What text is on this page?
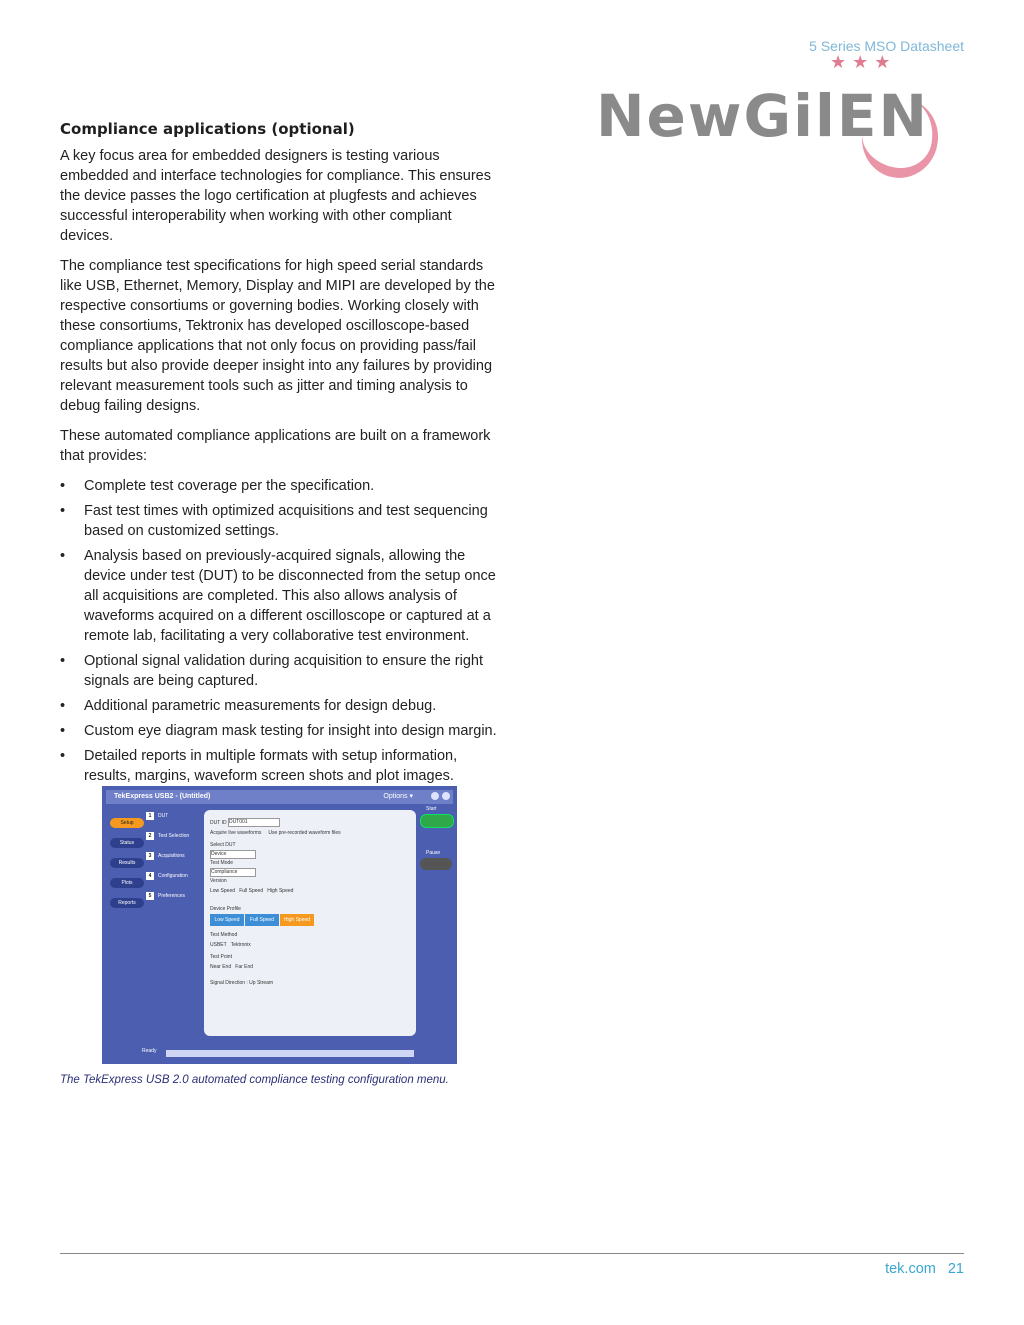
5 Series MSO Datasheet
★★★
NewGilEN
Compliance applications (optional)

A key focus area for embedded designers is testing various embedded and interface technologies for compliance. This ensures the device passes the logo certification at plugfests and achieves successful interoperability when working with other compliant devices.

The compliance test specifications for high speed serial standards like USB, Ethernet, Memory, Display and MIPI are developed by the respective consortiums or governing bodies. Working closely with these consortiums, Tektronix has developed oscilloscope-based compliance applications that not only focus on providing pass/fail results but also provide deeper insight into any failures by providing relevant measurement tools such as jitter and timing analysis to debug failing designs.

These automated compliance applications are built on a framework that provides:

• Complete test coverage per the specification.
• Fast test times with optimized acquisitions and test sequencing based on customized settings.
• Analysis based on previously-acquired signals, allowing the device under test (DUT) to be disconnected from the setup once all acquisitions are completed. This also allows analysis of waveforms acquired on a different oscilloscope or captured at a remote lab, facilitating a very collaborative test environment.
• Optional signal validation during acquisition to ensure the right signals are being captured.
• Additional parametric measurements for design debug.
• Custom eye diagram mask testing for insight into design margin.
• Detailed reports in multiple formats with setup information, results, margins, waveform screen shots and plot images.
TekExpress USB2 - (Untitled)	Options ▾
Setup
Status
Results
Plots
Reports
1 DUT
2 Test Selection
3 Acquisitions
4 Configuration
5 Preferences
DUT ID DUT001
Acquire live waveforms Use pre-recorded waveform files
Select DUT
Device
Test Mode
Compliance
Version
Low Speed Full Speed High Speed
Device Profile
Low Speed Full Speed High Speed
Test Method
USBET Tektronix
Test Point
Near End Far End
Signal Direction : Up Stream
Start
Pause
Ready
The TekExpress USB 2.0 automated compliance testing configuration menu.
tek.com 21
